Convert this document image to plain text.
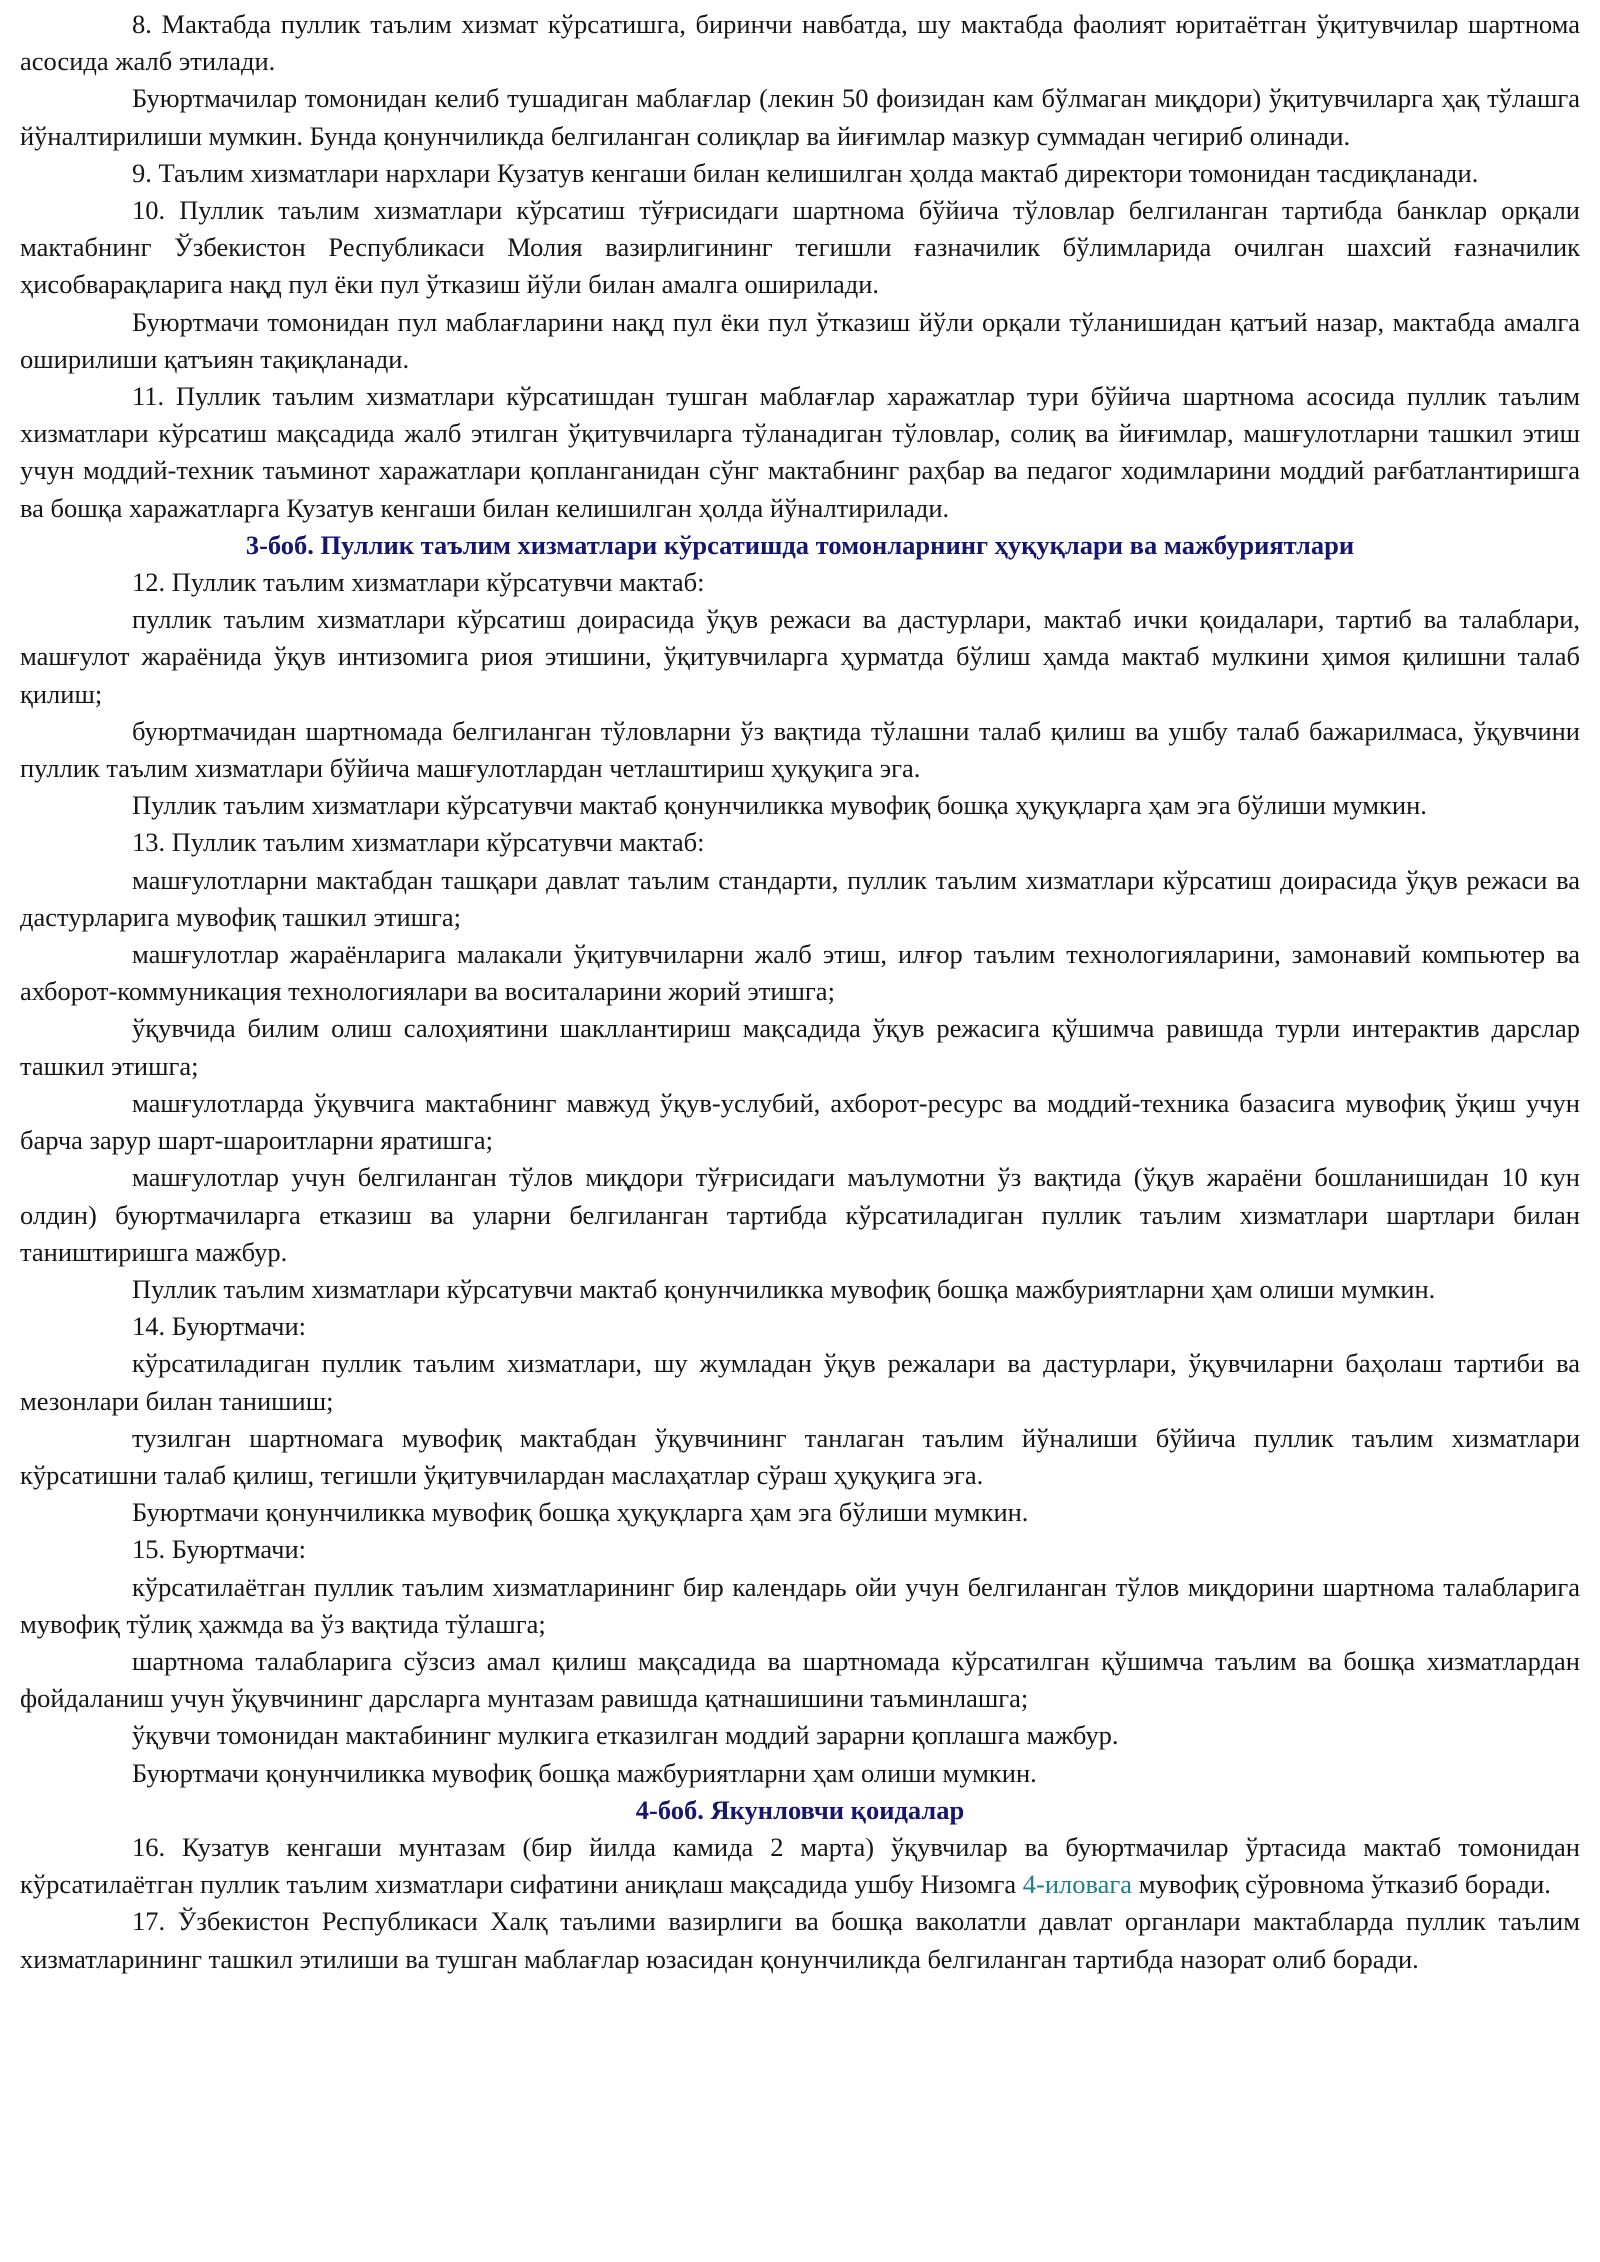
8. Мактабда пуллик таълим хизмат кўрсатишга, биринчи навбатда, шу мактабда фаолият юритаётган ўқитувчилар шартнома асосида жалб этилади.

Буюртмачилар томонидан келиб тушадиган маблағлар (лекин 50 фоизидан кам бўлмаган миқдори) ўқитувчиларга ҳақ тўлашга йўналтирилиши мумкин. Бунда қонунчиликда белгиланган солиқлар ва йиғимлар мазкур суммадан чегириб олинади.

9. Таълим хизматлари нархлари Кузатув кенгаши билан келишилган ҳолда мактаб директори томонидан тасдиқланади.

10. Пуллик таълим хизматлари кўрсатиш тўғрисидаги шартнома бўйича тўловлар белгиланган тартибда банклар орқали мактабнинг Ўзбекистон Республикаси Молия вазирлигининг тегишли ғазначилик бўлимларида очилган шахсий ғазначилик ҳисобварақларига нақд пул ёки пул ўтказиш йўли билан амалга оширилади.

Буюртмачи томонидан пул маблағларини нақд пул ёки пул ўтказиш йўли орқали тўланишидан қатъий назар, мактабда амалга оширилиши қатъиян тақиқланади.

11. Пуллик таълим хизматлари кўрсатишдан тушган маблағлар харажатлар тури бўйича шартнома асосида пуллик таълим хизматлари кўрсатиш мақсадида жалб этилган ўқитувчиларга тўланадиган тўловлар, солиқ ва йиғимлар, машғулотларни ташкил этиш учун моддий-техник таъминот харажатлари қопланганидан сўнг мактабнинг раҳбар ва педагог ходимларини моддий рағбатлантиришга ва бошқа харажатларга Кузатув кенгаши билан келишилган ҳолда йўналтирилади.

3-боб. Пуллик таълим хизматлари кўрсатишда томонларнинг ҳуқуқлари ва мажбуриятлари

12. Пуллик таълим хизматлари кўрсатувчи мактаб:

пуллик таълим хизматлари кўрсатиш доирасида ўқув режаси ва дастурлари, мактаб ички қоидалари, тартиб ва талаблари, машғулот жараёнида ўқув интизомига риоя этишини, ўқитувчиларга ҳурматда бўлиш ҳамда мактаб мулкини ҳимоя қилишни талаб қилиш;

буюртмачидан шартномада белгиланган тўловларни ўз вақтида тўлашни талаб қилиш ва ушбу талаб бажарилмаса, ўқувчини пуллик таълим хизматлари бўйича машғулотлардан четлаштириш ҳуқуқига эга.

Пуллик таълим хизматлари кўрсатувчи мактаб қонунчиликка мувофиқ бошқа ҳуқуқларга ҳам эга бўлиши мумкин.

13. Пуллик таълим хизматлари кўрсатувчи мактаб:

машғулотларни мактабдан ташқари давлат таълим стандарти, пуллик таълим хизматлари кўрсатиш доирасида ўқув режаси ва дастурларига мувофиқ ташкил этишга;

машғулотлар жараёнларига малакали ўқитувчиларни жалб этиш, илғор таълим технологияларини, замонавий компьютер ва ахборот-коммуникация технологиялари ва воситаларини жорий этишга;

ўқувчида билим олиш салоҳиятини шакллантириш мақсадида ўқув режасига қўшимча равишда турли интерактив дарслар ташкил этишга;

машғулотларда ўқувчига мактабнинг мавжуд ўқув-услубий, ахборот-ресурс ва моддий-техника базасига мувофиқ ўқиш учун барча зарур шарт-шароитларни яратишга;

машғулотлар учун белгиланган тўлов миқдори тўғрисидаги маълумотни ўз вақтида (ўқув жараёни бошланишидан 10 кун олдин) буюртмачиларга етказиш ва уларни белгиланган тартибда кўрсатиладиган пуллик таълим хизматлари шартлари билан таништиришга мажбур.

Пуллик таълим хизматлари кўрсатувчи мактаб қонунчиликка мувофиқ бошқа мажбуриятларни ҳам олиши мумкин.

14. Буюртмачи:

кўрсатиладиган пуллик таълим хизматлари, шу жумладан ўқув режалари ва дастурлари, ўқувчиларни баҳолаш тартиби ва мезонлари билан танишиш;

тузилган шартномага мувофиқ мактабдан ўқувчининг танлаган таълим йўналиши бўйича пуллик таълим хизматлари кўрсатишни талаб қилиш, тегишли ўқитувчилардан маслаҳатлар сўраш ҳуқуқига эга.

Буюртмачи қонунчиликка мувофиқ бошқа ҳуқуқларга ҳам эга бўлиши мумкин.

15. Буюртмачи:

кўрсатилаётган пуллик таълим хизматларининг бир календарь ойи учун белгиланган тўлов миқдорини шартнома талабларига мувофиқ тўлиқ ҳажмда ва ўз вақтида тўлашга;

шартнома талабларига сўзсиз амал қилиш мақсадида ва шартномада кўрсатилган қўшимча таълим ва бошқа хизматлардан фойдаланиш учун ўқувчининг дарсларга мунтазам равишда қатнашишини таъминлашга;

ўқувчи томонидан мактабининг мулкига етказилган моддий зарарни қоплашга мажбур.

Буюртмачи қонунчиликка мувофиқ бошқа мажбуриятларни ҳам олиши мумкин.

4-боб. Якунловчи қоидалар

16. Кузатув кенгаши мунтазам (бир йилда камида 2 марта) ўқувчилар ва буюртмачилар ўртасида мактаб томонидан кўрсатилаётган пуллик таълим хизматлари сифатини аниқлаш мақсадида ушбу Низомга 4-иловага мувофиқ сўровнома ўтказиб боради.

17. Ўзбекистон Республикаси Халқ таълими вазирлиги ва бошқа ваколатли давлат органлари мактабларда пуллик таълим хизматларининг ташкил этилиши ва тушган маблағлар юзасидан қонунчиликда белгиланган тартибда назорат олиб боради.
